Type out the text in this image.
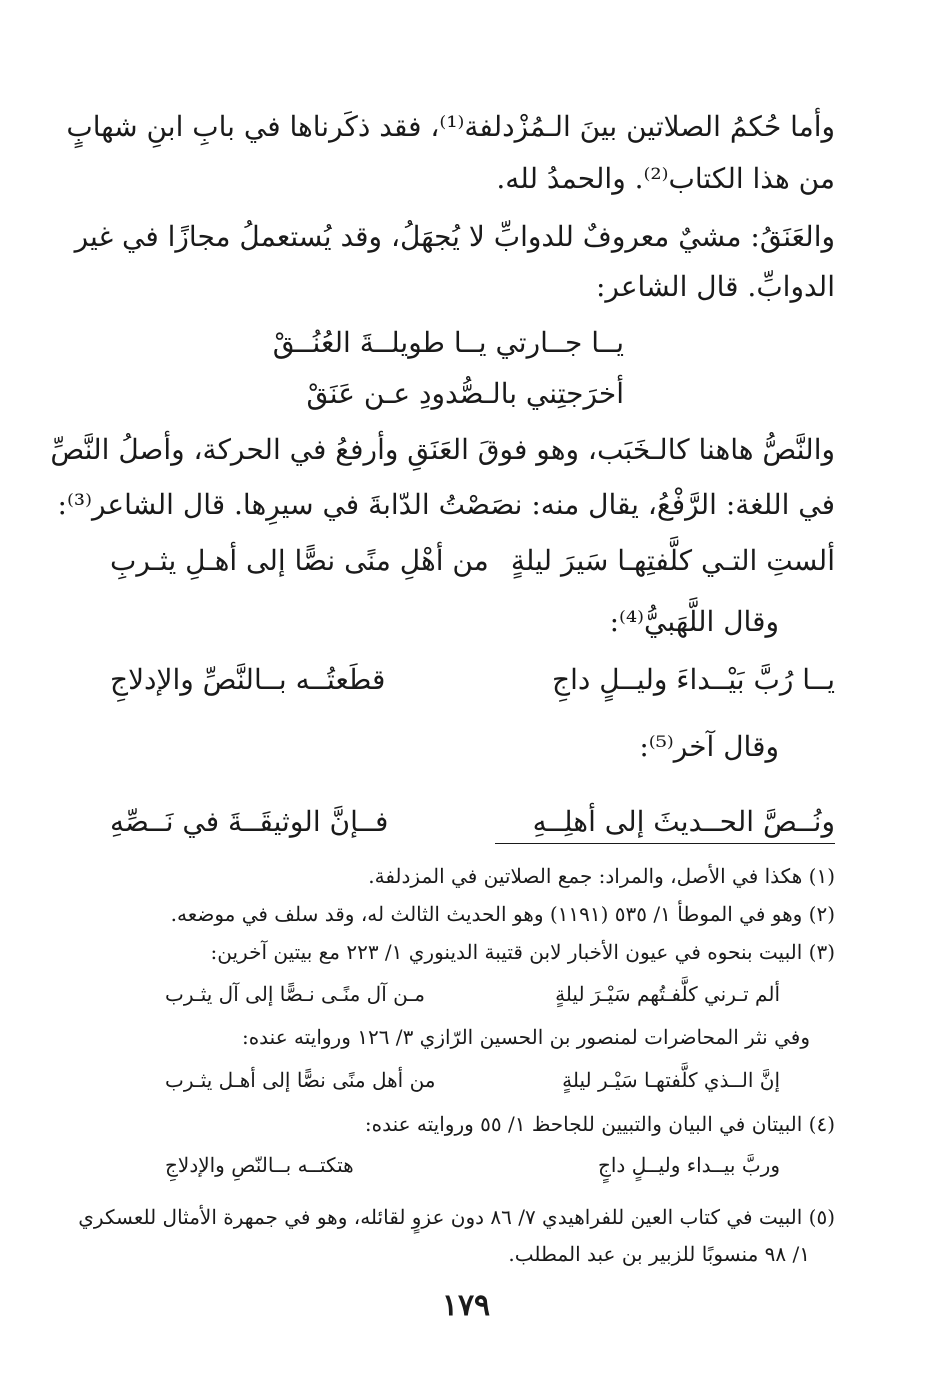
وأما حُكمُ الصلاتين بينَ الـمُزْدلفة⁽¹⁾، فقد ذكَرناها في بابِ ابنِ شهابٍ
من هذا الكتاب⁽²⁾. والحمدُ لله.
والعَنَقُ: مشيٌ معروفٌ للدوابِّ لا يُجهَلُ، وقد يُستعملُ مجازًا في غير
الدوابِّ. قال الشاعر:
يــا جــارتي يــا طويلــةَ العُنُــقْ
أخرَجتِني بالـصُّدودِ عـن عَنَقْ
والنَّصُّ هاهنا كالـخَبَب، وهو فوقَ العَنَقِ وأرفعُ في الحركة، وأصلُ النَّصِّ
في اللغة: الرَّفْعُ، يقال منه: نصَصْتُ الدّابةَ في سيرِها. قال الشاعر⁽³⁾:
ألستِ التـي كلَّفتِهـا سَيرَ ليلةٍ
من أهْلِ منًى نصًّا إلى أهـلِ يثـربِ
وقال اللَّهَبيُّ⁽⁴⁾:
يــا رُبَّ بَيْــداءَ وليــلٍ داجِ
قطَعتُــه بــالنَّصِّ والإدلاجِ
وقال آخر⁽⁵⁾:
ونُــصَّ الحــديثَ إلى أهلِــهِ
فــإنَّ الوثيقَــةَ في نَــصِّهِ
(١) هكذا في الأصل، والمراد: جمع الصلاتين في المزدلفة.
(٢) وهو في الموطأ ١/ ٥٣٥ (١١٩١) وهو الحديث الثالث له، وقد سلف في موضعه.
(٣) البيت بنحوه في عيون الأخبار لابن قتيبة الدينوري ١/ ٢٢٣ مع بيتين آخرين:
ألم تـرني كلَّفـتُهم سَيْـرَ ليلةٍ
مـن آل منًـى نـصًّا إلى آل يثـرب
وفي نثر المحاضرات لمنصور بن الحسين الرّازي ٣/ ١٢٦ وروايته عنده:
إنَّ الــذي كلَّفتهـا سَيْـر ليلةٍ
من أهل منًى نصًّا إلى أهـل يثـرب
(٤) البيتان في البيان والتبيين للجاحظ ١/ ٥٥ وروايته عنده:
وربَّ بيــداء وليــلٍ داجٍ
هتكتــه بــالنّصِ والإدلاجِ
(٥) البيت في كتاب العين للفراهيدي ٧/ ٨٦ دون عزوٍ لقائله، وهو في جمهرة الأمثال للعسكري
١/ ٩٨ منسوبًا للزبير بن عبد المطلب.
١٧٩
